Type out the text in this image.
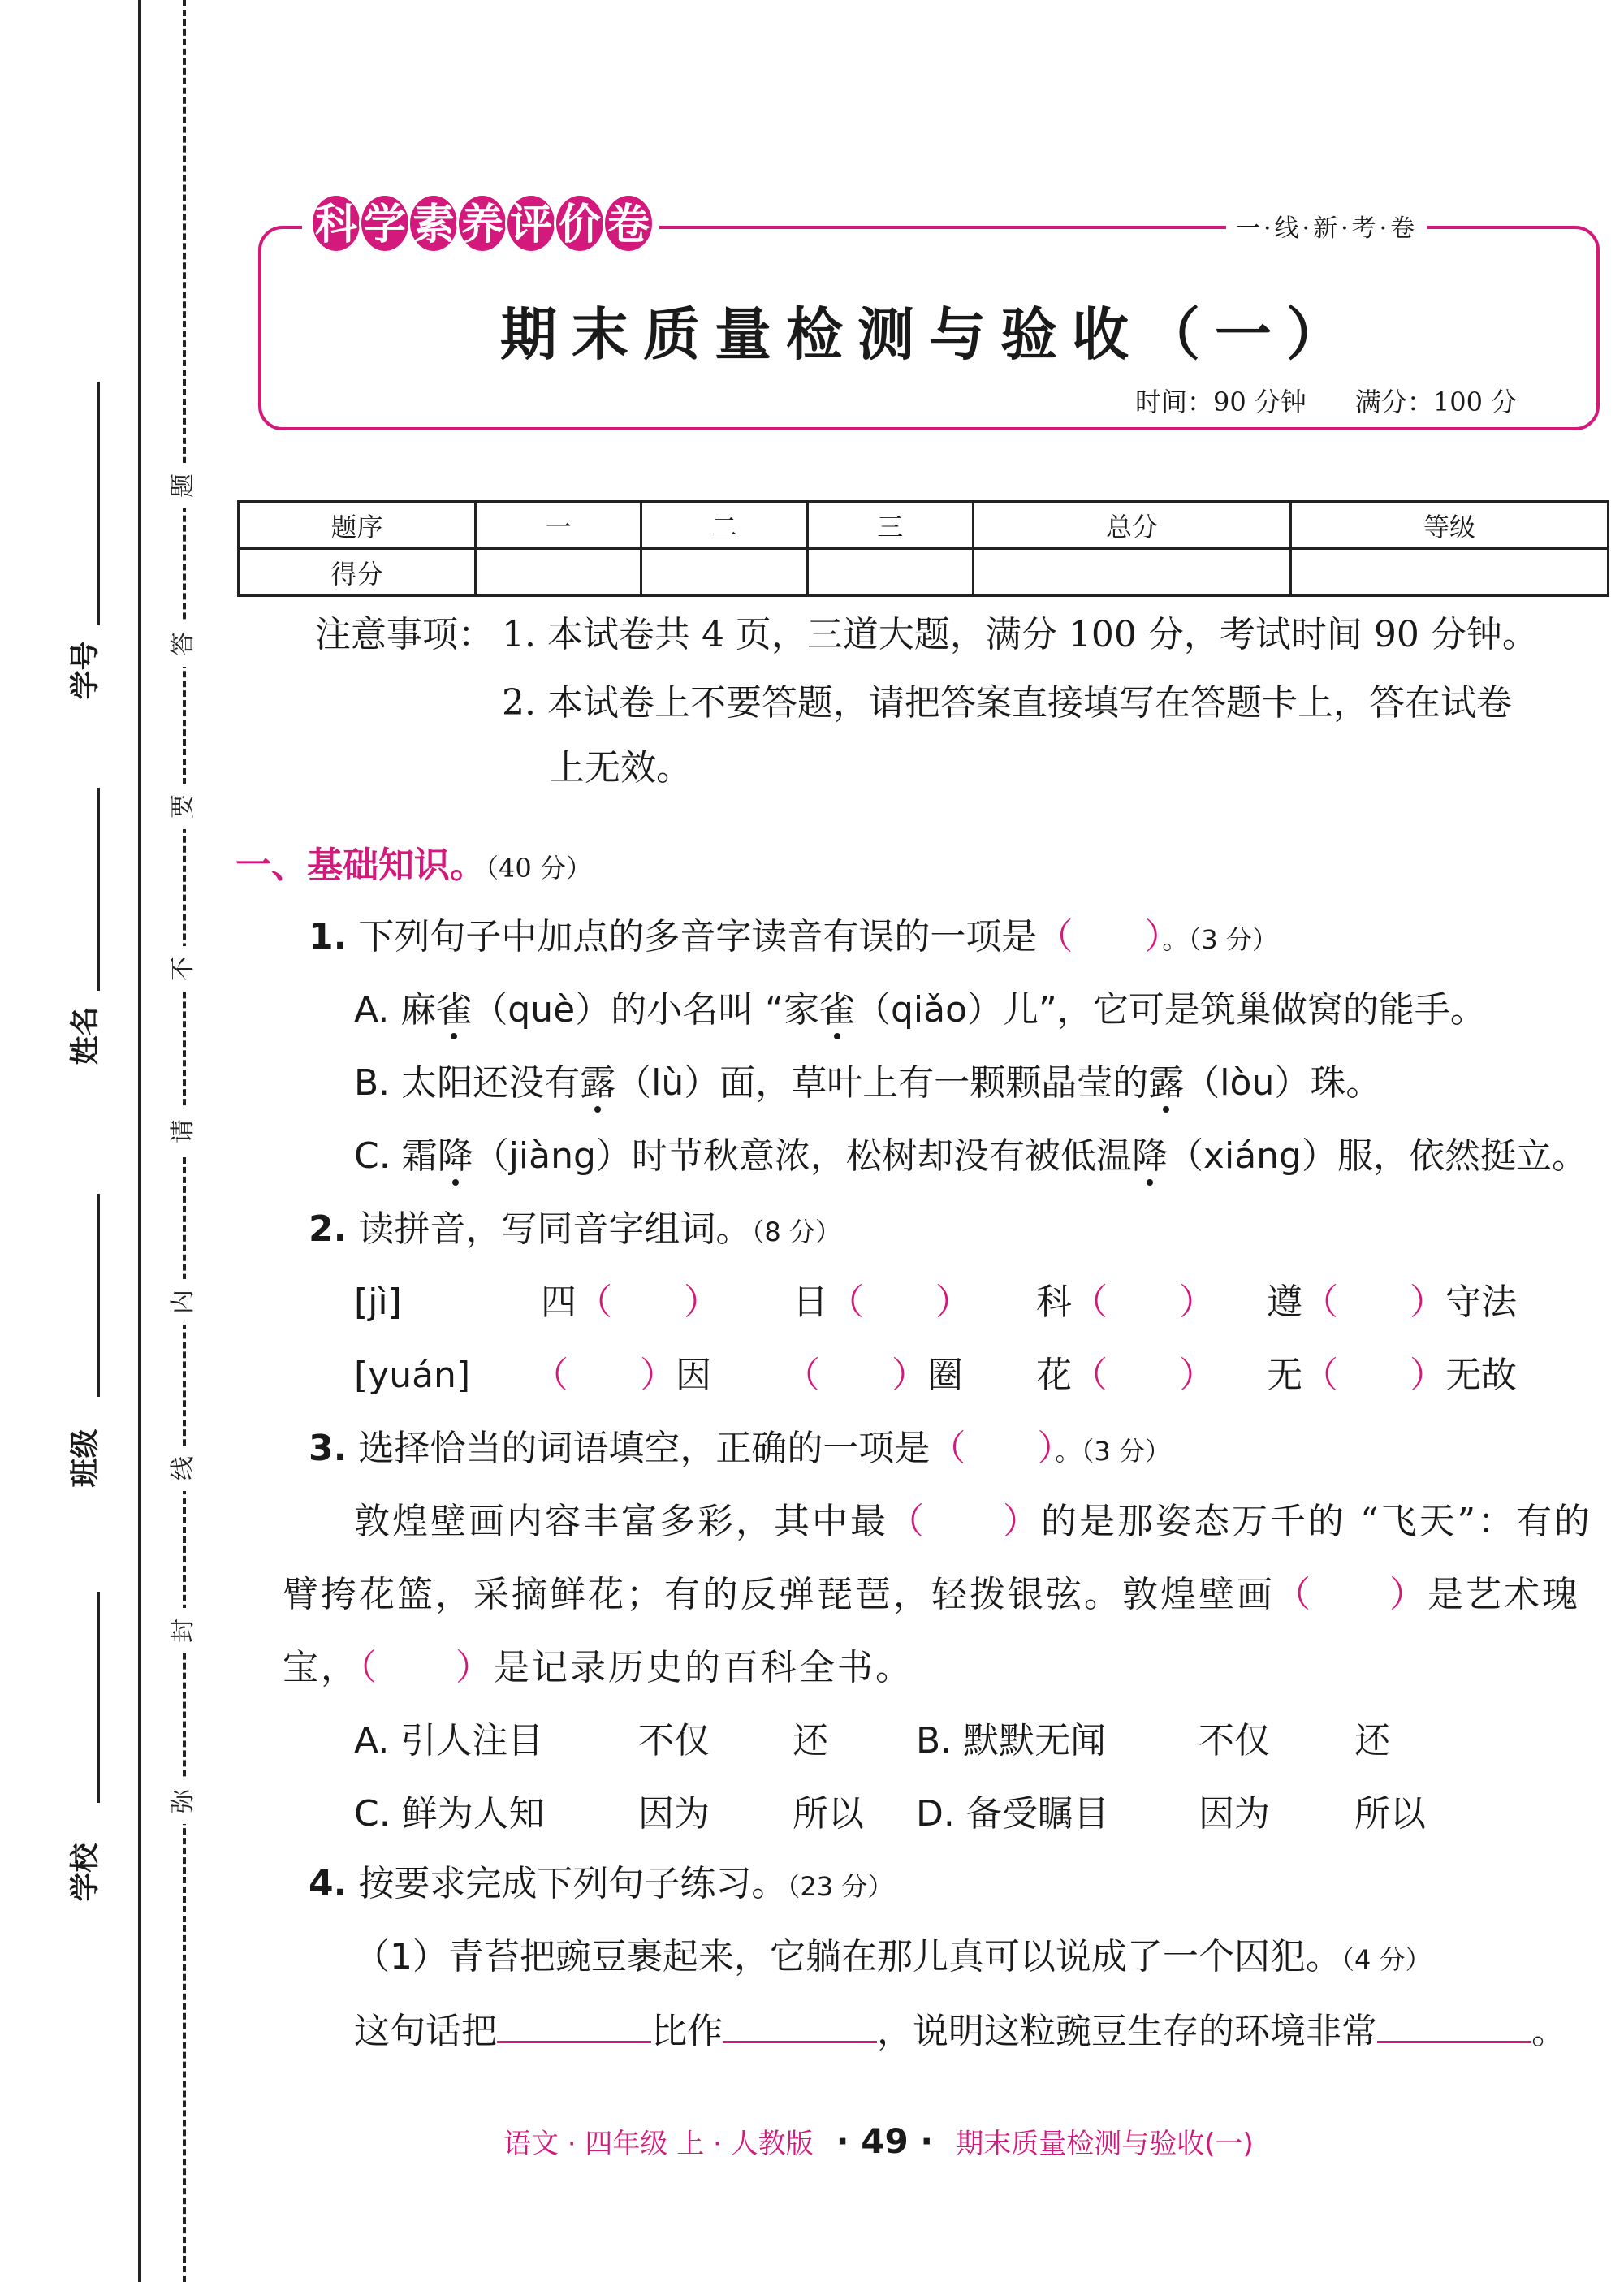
题
答
要
不
请
内
线
封
弥
学号
姓名
班级
学校
科 学 素 养 评 价 卷	一·线·新·考·卷
期末质量检测与验收（一）
时间：90 分钟 满分：100 分
题序	一	二	三	总分	等级
得分					
注意事项： 1. 本试卷共 4 页，三道大题，满分 100 分，考试时间 90 分钟。
2. 本试卷上不要答题，请把答案直接填写在答题卡上，答在试卷
上无效。
一、基础知识。（40 分）
1. 下列句子中加点的多音字读音有误的一项是（　　）。（3 分）
A. 麻雀（què）的小名叫 “家雀（qiǎo）儿”，它可是筑巢做窝的能手。
B. 太阳还没有露（lù）面，草叶上有一颗颗晶莹的露（lòu）珠。
C. 霜降（jiàng）时节秋意浓，松树却没有被低温降（xiáng）服，依然挺立。
2. 读拼音，写同音字组词。（8 分）
[jì]	四（　　） 日（　　） 科（　　） 遵（　　）守法
[yuán] （　　）因 （　　）圈 花（　　） 无（　　）无故
3. 选择恰当的词语填空，正确的一项是（　　）。（3 分）
敦煌壁画内容丰富多彩，其中最（　　）的是那姿态万千的 “飞天”：有的
臂挎花篮，采摘鲜花；有的反弹琵琶，轻拨银弦。敦煌壁画（　　）是艺术瑰
宝，（　　）是记录历史的百科全书。
A. 引人注目	不仅 还 B. 默默无闻	不仅 还
C. 鲜为人知	因为 所以 D. 备受瞩目	因为 所以
4. 按要求完成下列句子练习。（23 分）
（1）青苔把豌豆裹起来，它躺在那儿真可以说成了一个囚犯。（4 分）
这句话把	比作	，说明这粒豌豆生存的环境非常	。
语文 · 四年级 上 · 人教版 · 49 · 期末质量检测与验收(一)
